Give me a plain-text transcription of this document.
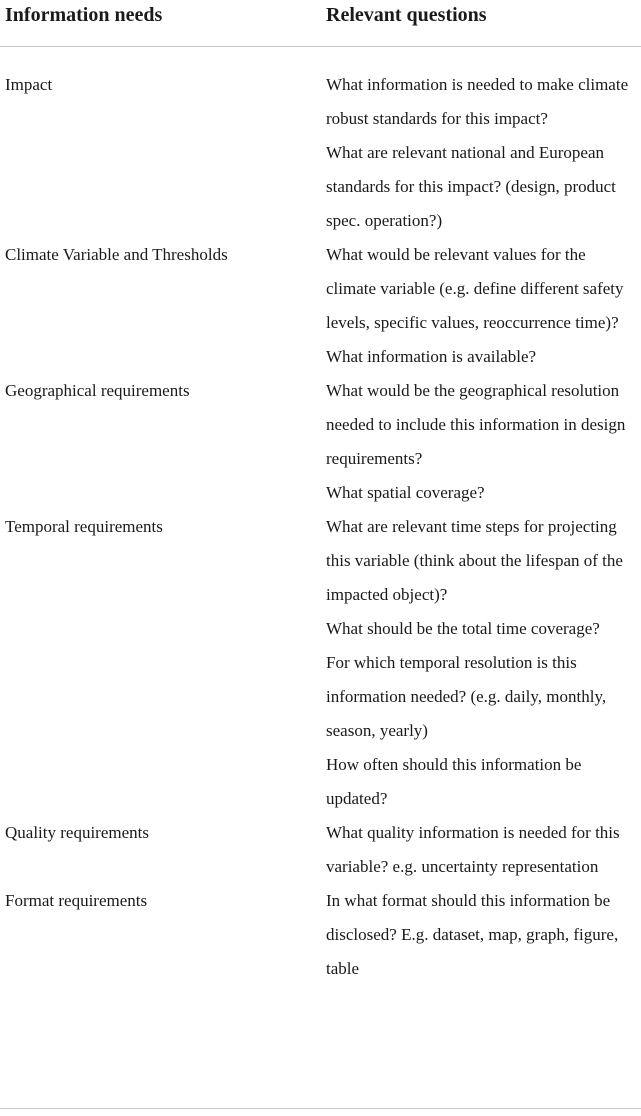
Information needs	Relevant questions
Impact	What information is needed to make climate robust standards for this impact?

What are relevant national and European standards for this impact? (design, product spec. operation?)

Climate Variable and Thresholds	What would be relevant values for the climate variable (e.g. define different safety levels, specific values, reoccurrence time)?

What information is available?

Geographical requirements	What would be the geographical resolution needed to include this information in design requirements?

What spatial coverage?

Temporal requirements	What are relevant time steps for projecting this variable (think about the lifespan of the impacted object)?

What should be the total time coverage?

For which temporal resolution is this information needed? (e.g. daily, monthly, season, yearly)

How often should this information be updated?

Quality requirements	What quality information is needed for this variable? e.g. uncertainty representation

Format requirements	In what format should this information be disclosed? E.g. dataset, map, graph, figure, table
